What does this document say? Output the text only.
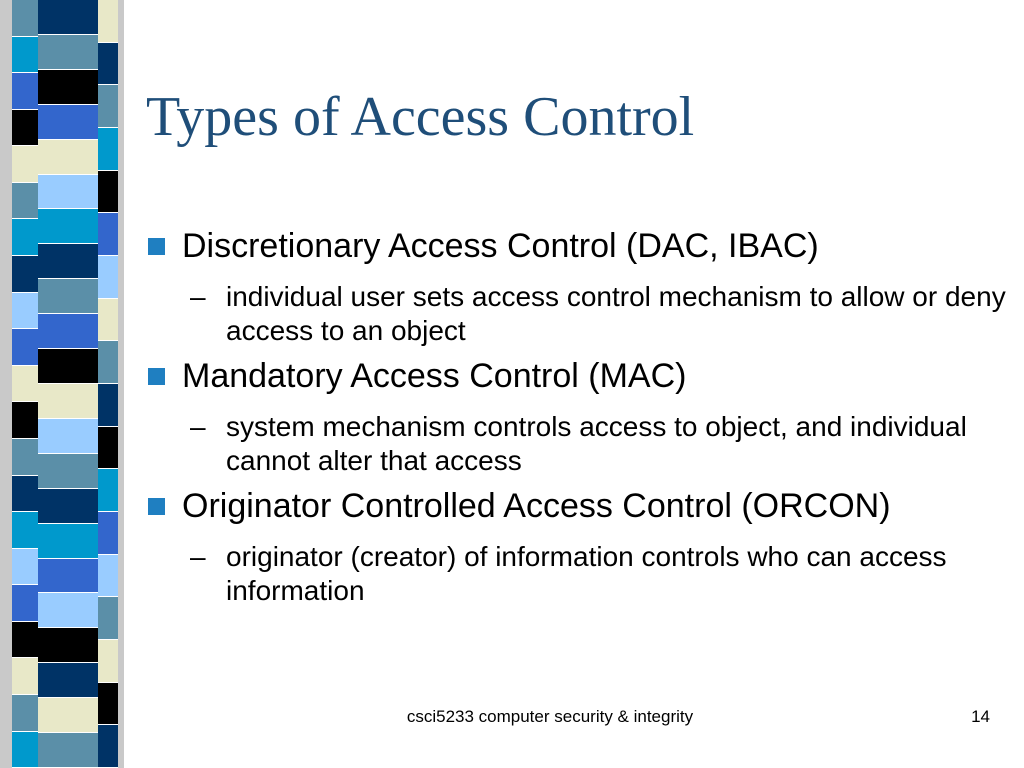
Types of Access Control
Discretionary Access Control (DAC, IBAC)
– individual user sets access control mechanism to allow or deny access to an object
Mandatory Access Control (MAC)
– system mechanism controls access to object, and individual cannot alter that access
Originator Controlled Access Control (ORCON)
– originator (creator) of information controls who can access information
csci5233 computer security & integrity	14
